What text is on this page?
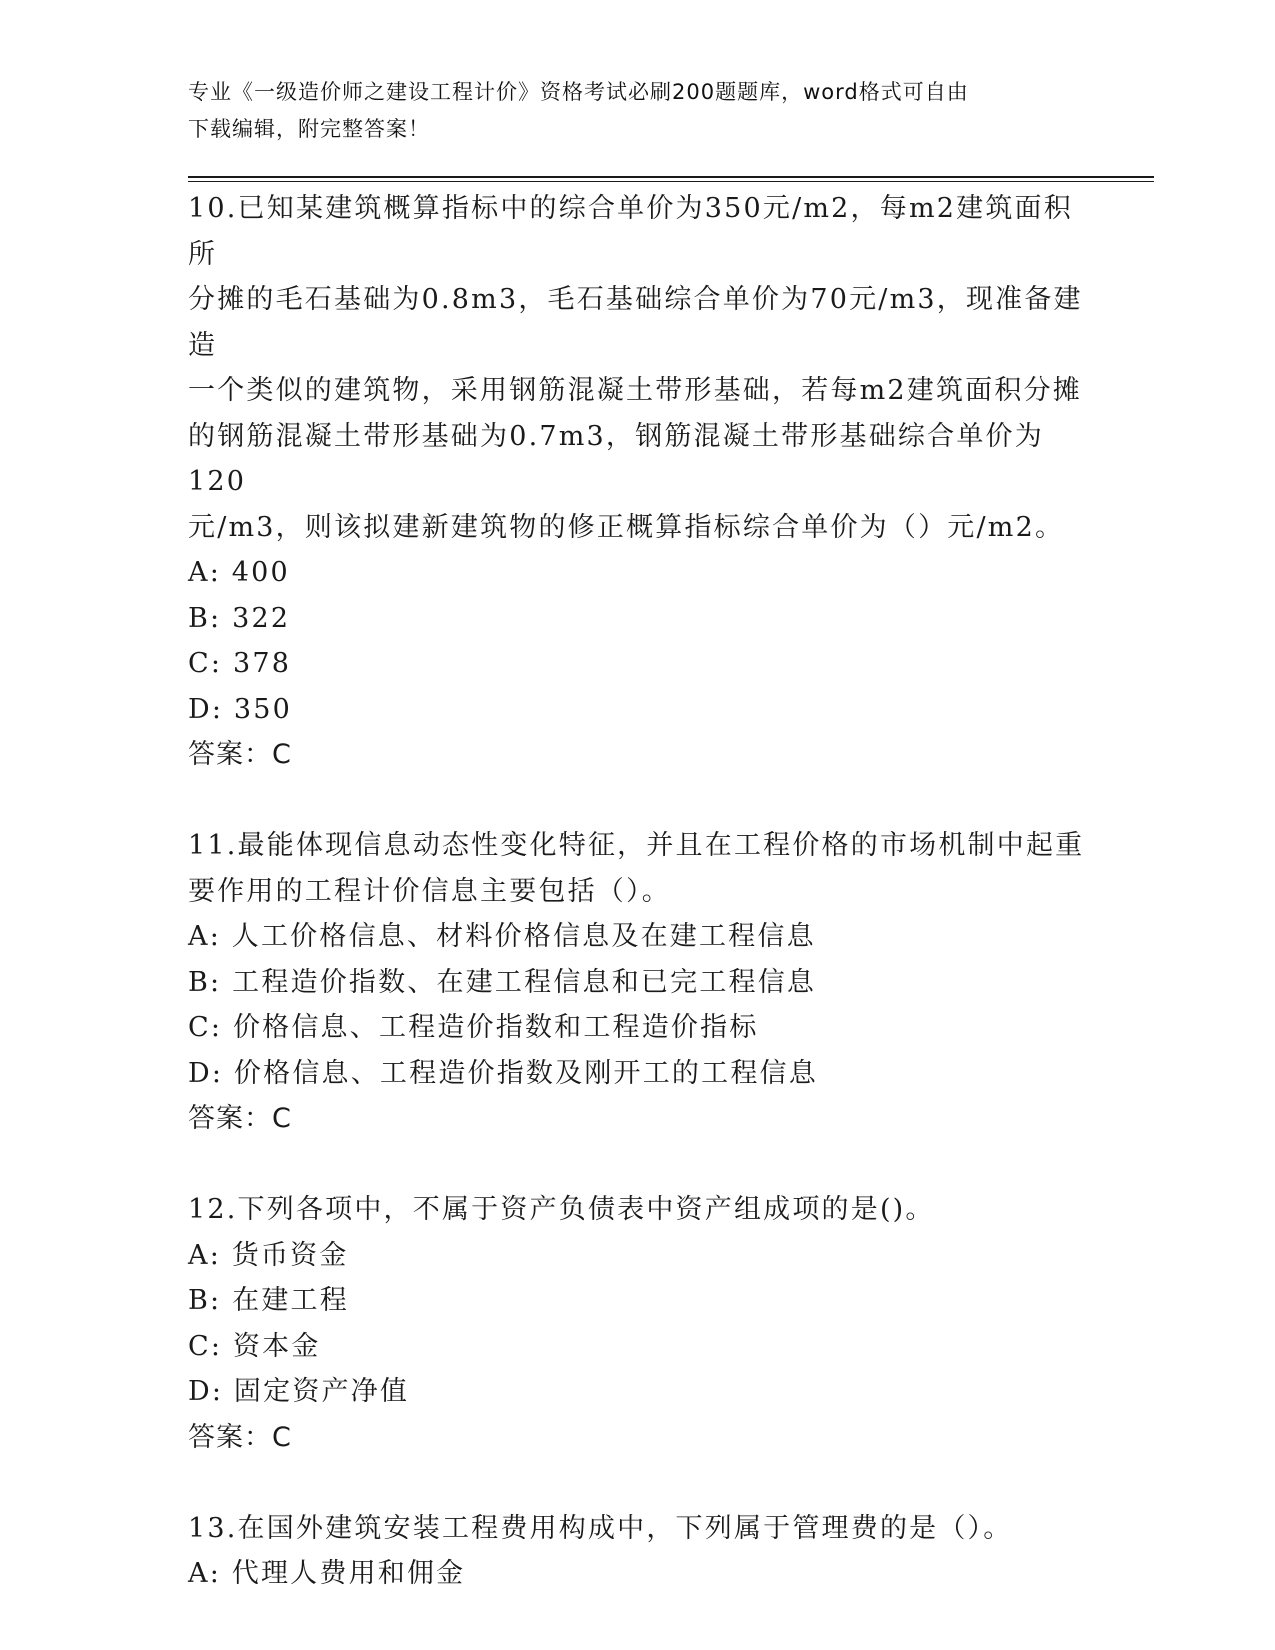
专业《一级造价师之建设工程计价》资格考试必刷200题题库，word格式可自由
下载编辑，附完整答案！

10.已知某建筑概算指标中的综合单价为350元/m2，每m2建筑面积所

分摊的毛石基础为0.8m3，毛石基础综合单价为70元/m3，现准备建造

一个类似的建筑物，采用钢筋混凝土带形基础，若每m2建筑面积分摊

的钢筋混凝土带形基础为0.7m3，钢筋混凝土带形基础综合单价为120

元/m3，则该拟建新建筑物的修正概算指标综合单价为（）元/m2。

A: 400

B: 322

C: 378

D: 350

答案：C

11.最能体现信息动态性变化特征，并且在工程价格的市场机制中起重

要作用的工程计价信息主要包括（）。

A: 人工价格信息、材料价格信息及在建工程信息

B: 工程造价指数、在建工程信息和已完工程信息

C: 价格信息、工程造价指数和工程造价指标

D: 价格信息、工程造价指数及刚开工的工程信息

答案：C

12.下列各项中，不属于资产负债表中资产组成项的是()。

A: 货币资金

B: 在建工程

C: 资本金

D: 固定资产净值

答案：C

13.在国外建筑安装工程费用构成中，下列属于管理费的是（）。

A: 代理人费用和佣金
